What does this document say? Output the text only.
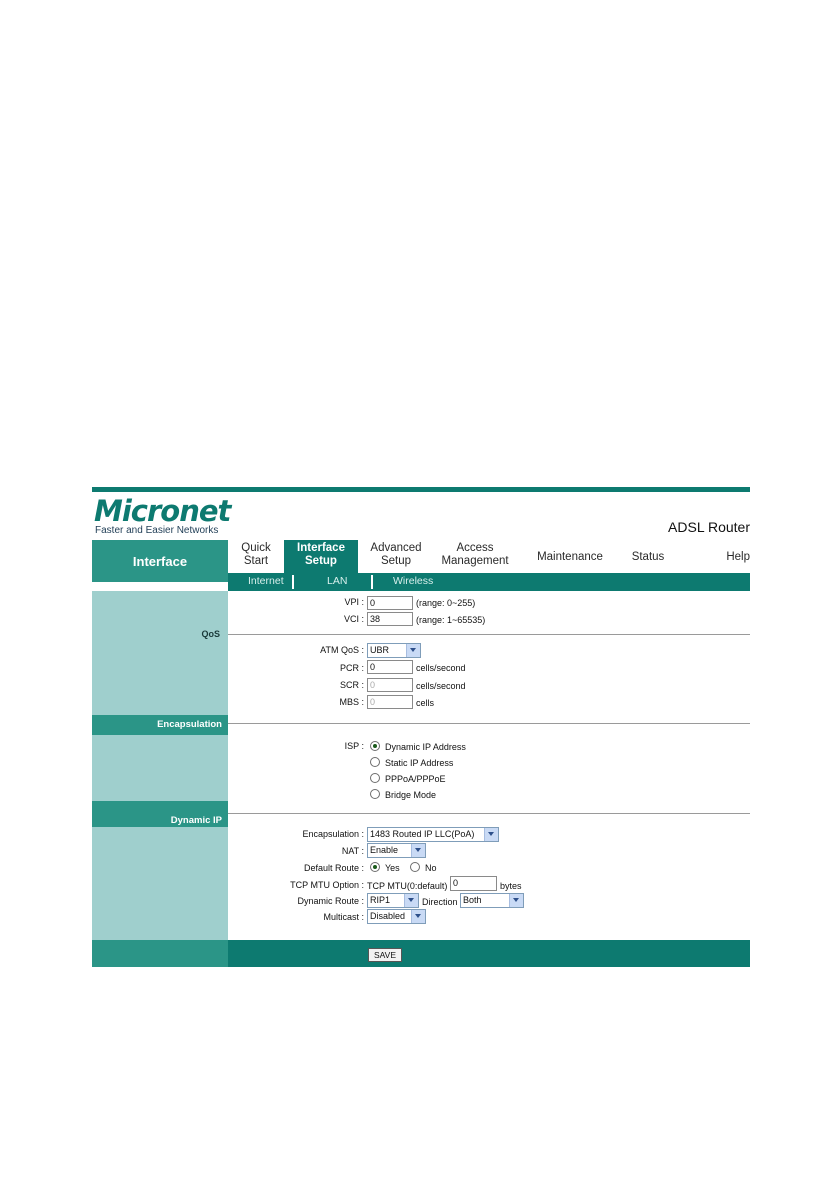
Micronet
Faster and Easier Networks	ADSL Router
Interface
Quick
Start
Interface
Setup
Advanced
Setup
Access
Management	Maintenance	Status	Help
Internet	LAN	Wireless
QoS
Encapsulation
Dynamic IP
VPI : 0	(range: 0~255)
VCI : 38	(range: 1~65535)
ATM QoS : UBR
PCR : 0	cells/second
SCR : 0	cells/second
MBS : 0	cells
ISP : Dynamic IP Address
Static IP Address
PPPoA/PPPoE
Bridge Mode
Encapsulation : 1483 Routed IP LLC(PoA)
NAT : Enable
Default Route : Yes	No
TCP MTU Option : TCP MTU(0:default) 0	bytes
Dynamic Route : RIP1	Direction Both
Multicast : Disabled
SAVE
